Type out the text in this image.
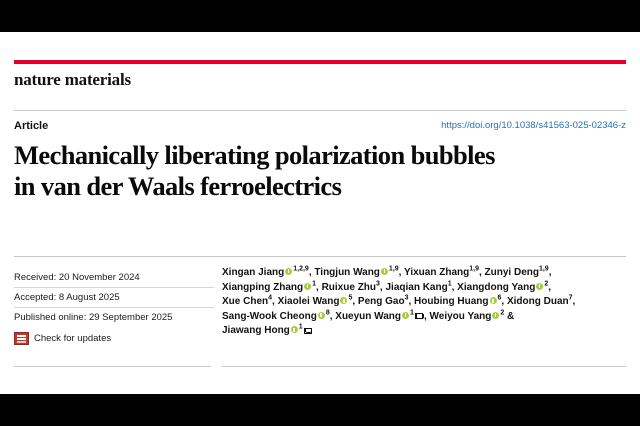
nature materials
Article	https://doi.org/10.1038/s41563-025-02346-z
Mechanically liberating polarization bubbles
in van der Waals ferroelectrics
Received: 20 November 2024
Accepted: 8 August 2025
Published online: 29 September 2025
Check for updates
Xingan Jiang $^{1,2,9}$, Tingjun Wang $^{1,9}$, Yixuan Zhang$^{1,9}$, Zunyi Deng$^{1,9}$,
Xiangping Zhang $^1$, Ruixue Zhu$^3$, Jiaqian Kang$^1$, Xiangdong Yang $^2$,
Xue Chen$^4$, Xiaolei Wang $^5$, Peng Gao$^3$, Houbing Huang $^6$, Xidong Duan$^7$,
Sang-Wook Cheong $^8$, Xueyun Wang $^1$ , Weiyou Yang $^2$ &
Jiawang Hong $^1$
